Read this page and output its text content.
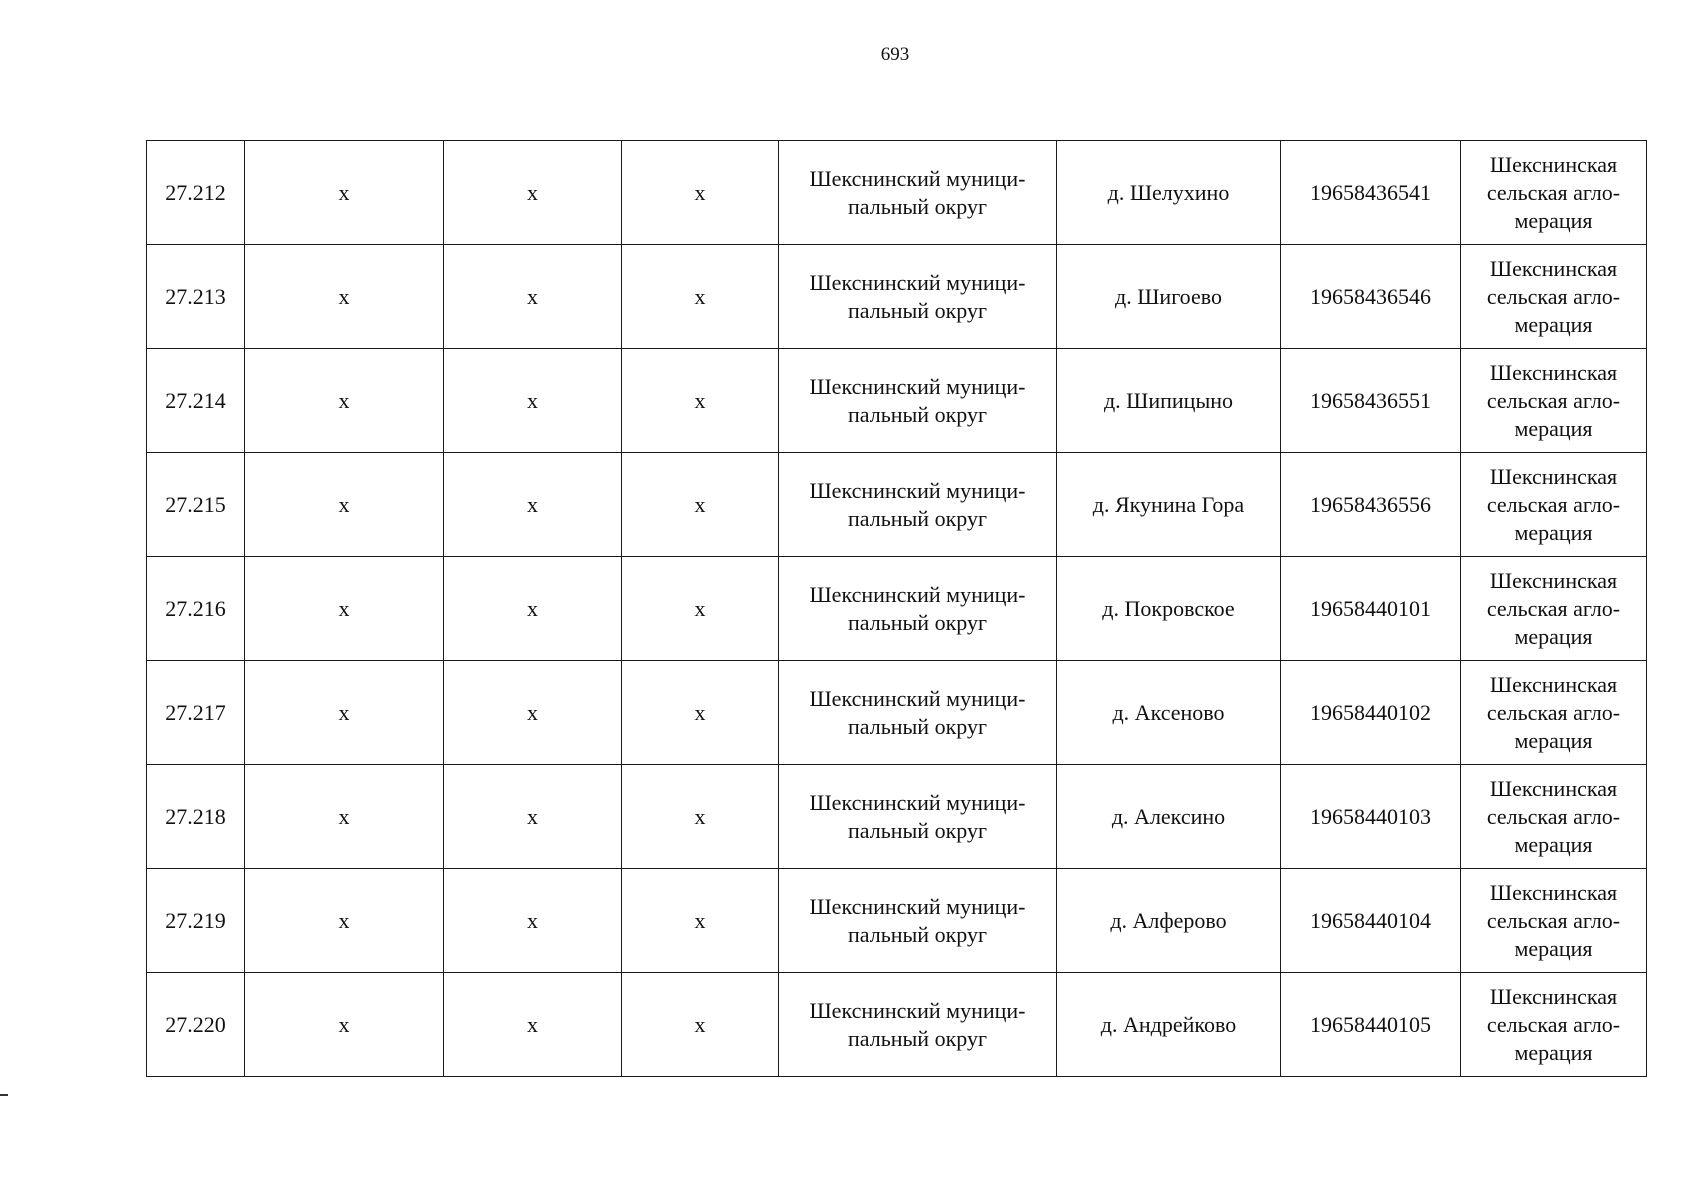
693
27.212	х	х	х	Шекснинский муници-пальный округ	д. Шелухино	19658436541	Шекснинская сельская агло-мерация
27.213	х	х	х	Шекснинский муници-пальный округ	д. Шигоево	19658436546	Шекснинская сельская агло-мерация
27.214	х	х	х	Шекснинский муници-пальный округ	д. Шипицыно	19658436551	Шекснинская сельская агло-мерация
27.215	х	х	х	Шекснинский муници-пальный округ	д. Якунина Гора	19658436556	Шекснинская сельская агло-мерация
27.216	х	х	х	Шекснинский муници-пальный округ	д. Покровское	19658440101	Шекснинская сельская агло-мерация
27.217	х	х	х	Шекснинский муници-пальный округ	д. Аксеново	19658440102	Шекснинская сельская агло-мерация
27.218	х	х	х	Шекснинский муници-пальный округ	д. Алексино	19658440103	Шекснинская сельская агло-мерация
27.219	х	х	х	Шекснинский муници-пальный округ	д. Алферово	19658440104	Шекснинская сельская агло-мерация
27.220	х	х	х	Шекснинский муници-пальный округ	д. Андрейково	19658440105	Шекснинская сельская агло-мерация
